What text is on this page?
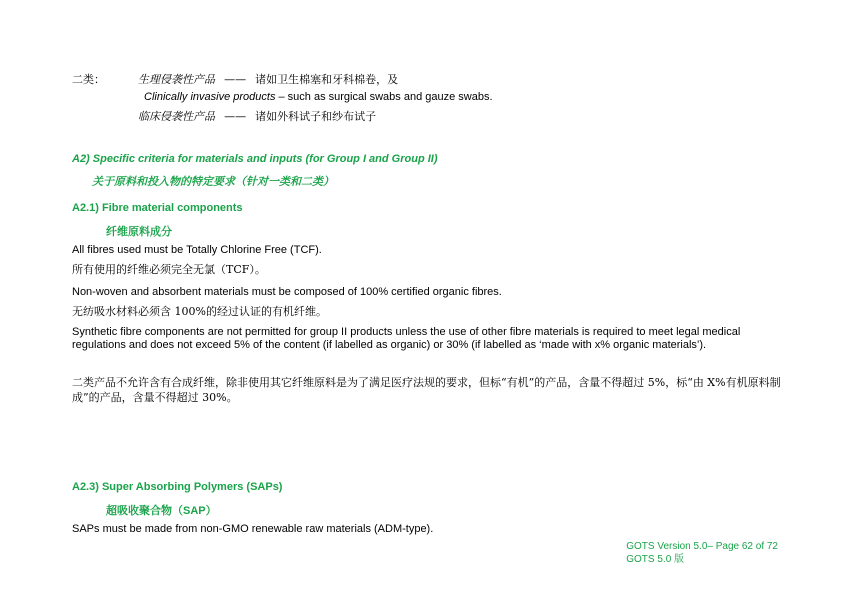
二类：	生理侵袭性产品 —— 诸如卫生棉塞和牙科棉卷，及
Clinically invasive products – such as surgical swabs and gauze swabs.
临床侵袭性产品 —— 诸如外科试子和纱布试子
A2) Specific criteria for materials and inputs (for Group I and Group II)
关于原料和投入物的特定要求（针对一类和二类）
A2.1) Fibre material components
纤维原料成分
All fibres used must be Totally Chlorine Free (TCF).
所有使用的纤维必须完全无氯（TCF）。
Non-woven and absorbent materials must be composed of 100% certified organic fibres.
无纺吸水材料必须含 100%的经过认证的有机纤维。
Synthetic fibre components are not permitted for group II products unless the use of other fibre materials is required to meet legal medical regulations and does not exceed 5% of the content (if labelled as organic) or 30% (if labelled as ‘made with x% organic materials’).
二类产品不允许含有合成纤维，除非使用其它纤维原料是为了满足医疗法规的要求，但标“有机”的产品，含量不得超过 5%，标“由 X%有机原料制成”的产品，含量不得超过 30%。
A2.3) Super Absorbing Polymers (SAPs)
超吸收聚合物（SAP）
SAPs must be made from non-GMO renewable raw materials (ADM-type).
GOTS Version 5.0– Page 62 of 72
GOTS 5.0 版
